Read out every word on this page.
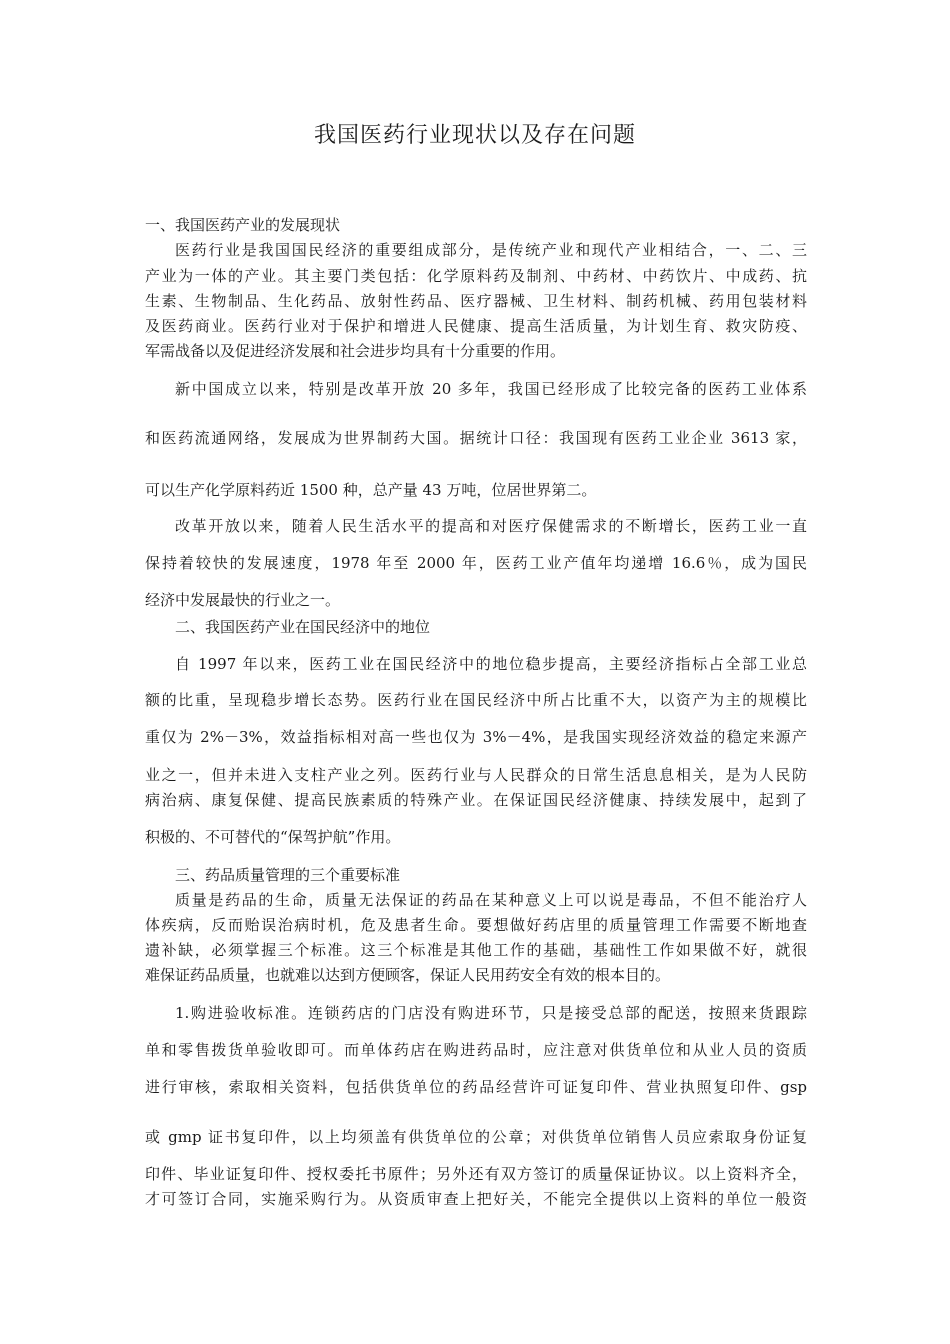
我国医药行业现状以及存在问题

一、我国医药产业的发展现状

医药行业是我国国民经济的重要组成部分，是传统产业和现代产业相结合，一、二、三

产业为一体的产业。其主要门类包括：化学原料药及制剂、中药材、中药饮片、中成药、抗

生素、生物制品、生化药品、放射性药品、医疗器械、卫生材料、制药机械、药用包装材料

及医药商业。医药行业对于保护和增进人民健康、提高生活质量，为计划生育、救灾防疫、

军需战备以及促进经济发展和社会进步均具有十分重要的作用。

新中国成立以来，特别是改革开放 20 多年，我国已经形成了比较完备的医药工业体系

和医药流通网络，发展成为世界制药大国。据统计口径：我国现有医药工业企业 3613 家，

可以生产化学原料药近 1500 种，总产量 43 万吨，位居世界第二。

改革开放以来，随着人民生活水平的提高和对医疗保健需求的不断增长，医药工业一直

保持着较快的发展速度，1978 年至 2000 年，医药工业产值年均递增 16.6％，成为国民

经济中发展最快的行业之一。

二、我国医药产业在国民经济中的地位

自 1997 年以来，医药工业在国民经济中的地位稳步提高，主要经济指标占全部工业总

额的比重，呈现稳步增长态势。医药行业在国民经济中所占比重不大，以资产为主的规模比

重仅为 2%－3%，效益指标相对高一些也仅为 3%－4%，是我国实现经济效益的稳定来源产

业之一，但并未进入支柱产业之列。医药行业与人民群众的日常生活息息相关，是为人民防

病治病、康复保健、提高民族素质的特殊产业。在保证国民经济健康、持续发展中，起到了

积极的、不可替代的“保驾护航”作用。

三、药品质量管理的三个重要标准

质量是药品的生命，质量无法保证的药品在某种意义上可以说是毒品，不但不能治疗人

体疾病，反而贻误治病时机，危及患者生命。要想做好药店里的质量管理工作需要不断地查

遗补缺，必须掌握三个标准。这三个标准是其他工作的基础，基础性工作如果做不好，就很

难保证药品质量，也就难以达到方便顾客，保证人民用药安全有效的根本目的。

1.购进验收标准。连锁药店的门店没有购进环节，只是接受总部的配送，按照来货跟踪

单和零售拨货单验收即可。而单体药店在购进药品时，应注意对供货单位和从业人员的资质

进行审核，索取相关资料，包括供货单位的药品经营许可证复印件、营业执照复印件、gsp

或 gmp 证书复印件，以上均须盖有供货单位的公章；对供货单位销售人员应索取身份证复

印件、毕业证复印件、授权委托书原件；另外还有双方签订的质量保证协议。以上资料齐全，

才可签订合同，实施采购行为。从资质审查上把好关，不能完全提供以上资料的单位一般资
